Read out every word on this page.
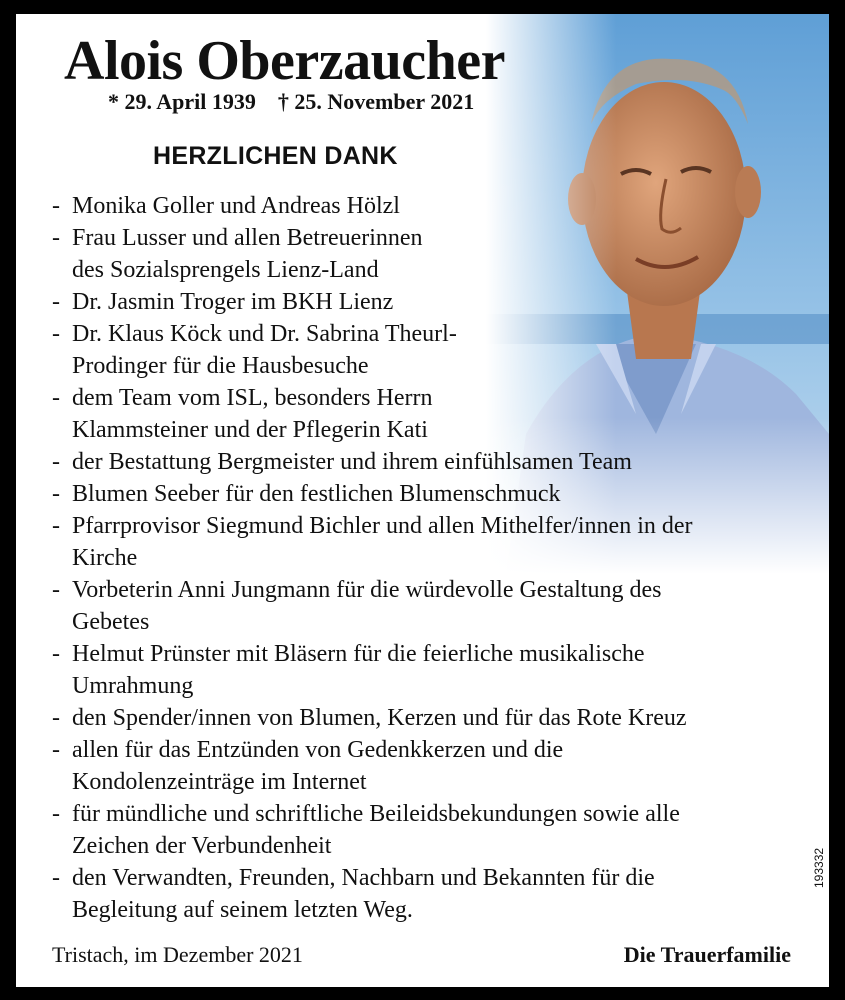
Alois Oberzaucher
* 29. April 1939 † 25. November 2021
HERZLICHEN DANK
- Monika Goller und Andreas Hölzl
- Frau Lusser und allen Betreuerinnen
des Sozialsprengels Lienz-Land
- Dr. Jasmin Troger im BKH Lienz
- Dr. Klaus Köck und Dr. Sabrina Theurl-
Prodinger für die Hausbesuche
- dem Team vom ISL, besonders Herrn
Klammsteiner und der Pflegerin Kati
- der Bestattung Bergmeister und ihrem einfühlsamen Team
- Blumen Seeber für den festlichen Blumenschmuck
- Pfarrprovisor Siegmund Bichler und allen Mithelfer/innen in der
Kirche
- Vorbeterin Anni Jungmann für die würdevolle Gestaltung des
Gebetes
- Helmut Prünster mit Bläsern für die feierliche musikalische
Umrahmung
- den Spender/innen von Blumen, Kerzen und für das Rote Kreuz
- allen für das Entzünden von Gedenkkerzen und die
Kondolenzeinträge im Internet
- für mündliche und schriftliche Beileidsbekundungen sowie alle
Zeichen der Verbundenheit
- den Verwandten, Freunden, Nachbarn und Bekannten für die
Begleitung auf seinem letzten Weg.
Tristach, im Dezember 2021	Die Trauerfamilie
193332
